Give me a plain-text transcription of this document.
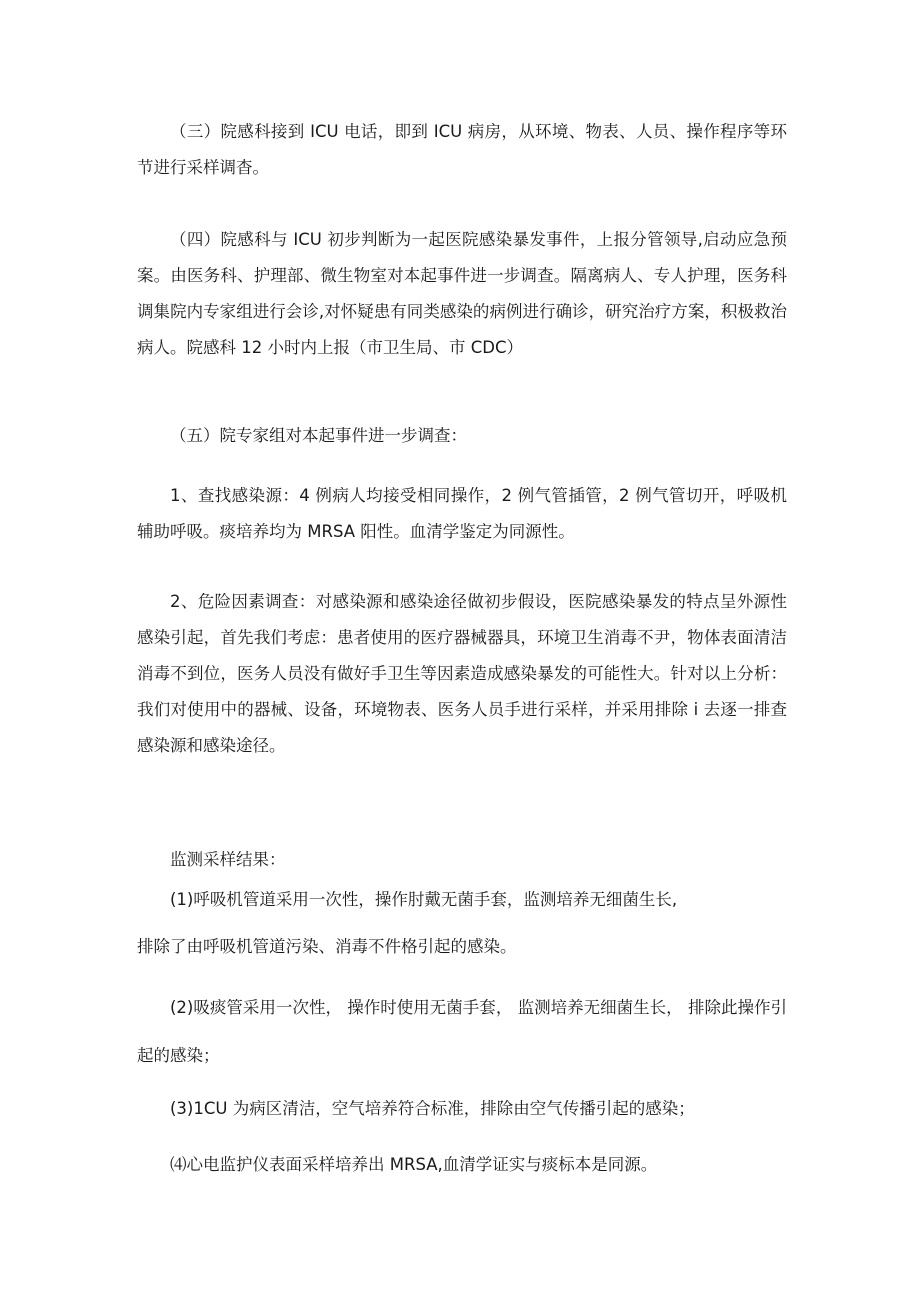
（三）院感科接到 ICU 电话，即到 ICU 病房，从环境、物表、人员、操作程序等环节进行采样调杳。

（四）院感科与 ICU 初步判断为一起医院感染暴发事件，上报分管领导,启动应急预案。由医务科、护理部、微生物室对本起事件进一步调查。隔离病人、专人护理，医务科调集院内专家组进行会诊,对怀疑患有同类感染的病例进行确诊，研究治疗方案，积极救治病人。院感科 12 小时内上报（市卫生局、市 CDC）

（五）院专家组对本起事件进一步调查：

1、查找感染源：4 例病人均接受相同操作，2 例气管插管，2 例气管切开，呼吸机辅助呼吸。痰培养均为 MRSA 阳性。血清学鉴定为同源性。

2、危险因素调查：对感染源和感染途径做初步假设，医院感染暴发的特点呈外源性感染引起，首先我们考虑：患者使用的医疗器械器具，环境卫生消毒不尹，物体表面清洁消毒不到位，医务人员没有做好手卫生等因素造成感染暴发的可能性大。针对以上分析：我们对使用中的器械、设备，环境物表、医务人员手进行采样，并采用排除 i 去逐一排查感染源和感染途径。

监测采样结果：

(1)呼吸机管道采用一次性，操作肘戴无菌手套，监测培养无细菌生长,

排除了由呼吸机管道污染、消毒不件格引起的感染。

(2)吸痰管采用一次性， 操作时使用无菌手套， 监测培养无细菌生长， 排除此操作引起的感染；

(3)1CU 为病区清洁，空气培养符合标准，排除由空气传播引起的感染；

⑷心电监护仪表面采样培养出 MRSA,血清学证实与痰标本是同源。
